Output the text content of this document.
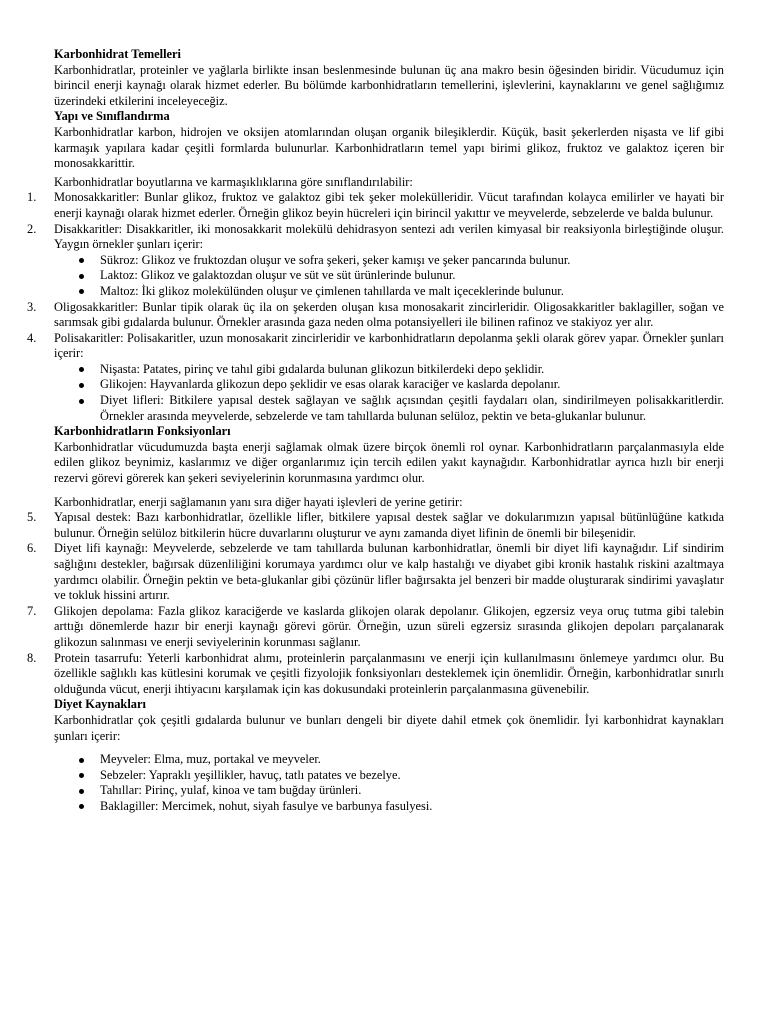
Karbonhidrat Temelleri

Karbonhidratlar, proteinler ve yağlarla birlikte insan beslenmesinde bulunan üç ana makro besin öğesinden biridir. Vücudumuz için birincil enerji kaynağı olarak hizmet ederler. Bu bölümde karbonhidratların temellerini, işlevlerini, kaynaklarını ve genel sağlığımız üzerindeki etkilerini inceleyeceğiz.

Yapı ve Sınıflandırma

Karbonhidratlar karbon, hidrojen ve oksijen atomlarından oluşan organik bileşiklerdir. Küçük, basit şekerlerden nişasta ve lif gibi karmaşık yapılara kadar çeşitli formlarda bulunurlar. Karbonhidratların temel yapı birimi glikoz, fruktoz ve galaktoz içeren bir monosakkarittir.

Karbonhidratlar boyutlarına ve karmaşıklıklarına göre sınıflandırılabilir:

1.	Monosakkaritler: Bunlar glikoz, fruktoz ve galaktoz gibi tek şeker molekülleridir. Vücut tarafından kolayca emilirler ve hayati bir enerji kaynağı olarak hizmet ederler. Örneğin glikoz beyin hücreleri için birincil yakıttır ve meyvelerde, sebzelerde ve balda bulunur.
2.	Disakkaritler: Disakkaritler, iki monosakkarit molekülü dehidrasyon sentezi adı verilen kimyasal bir reaksiyonla birleştiğinde oluşur. Yaygın örnekler şunları içerir:
Sükroz: Glikoz ve fruktozdan oluşur ve sofra şekeri, şeker kamışı ve şeker pancarında bulunur.
Laktoz: Glikoz ve galaktozdan oluşur ve süt ve süt ürünlerinde bulunur.
Maltoz: İki glikoz molekülünden oluşur ve çimlenen tahıllarda ve malt içeceklerinde bulunur.
3.	Oligosakkaritler: Bunlar tipik olarak üç ila on şekerden oluşan kısa monosakarit zincirleridir. Oligosakkaritler baklagiller, soğan ve sarımsak gibi gıdalarda bulunur. Örnekler arasında gaza neden olma potansiyelleri ile bilinen rafinoz ve stakiyoz yer alır.
4.	Polisakaritler: Polisakaritler, uzun monosakarit zincirleridir ve karbonhidratların depolanma şekli olarak görev yapar. Örnekler şunları içerir:
Nişasta: Patates, pirinç ve tahıl gibi gıdalarda bulunan glikozun bitkilerdeki depo şeklidir.
Glikojen: Hayvanlarda glikozun depo şeklidir ve esas olarak karaciğer ve kaslarda depolanır.
Diyet lifleri: Bitkilere yapısal destek sağlayan ve sağlık açısından çeşitli faydaları olan, sindirilmeyen polisakkaritlerdir. Örnekler arasında meyvelerde, sebzelerde ve tam tahıllarda bulunan selüloz, pektin ve beta-glukanlar bulunur.
Karbonhidratların Fonksiyonları

Karbonhidratlar vücudumuzda başta enerji sağlamak olmak üzere birçok önemli rol oynar. Karbonhidratların parçalanmasıyla elde edilen glikoz beynimiz, kaslarımız ve diğer organlarımız için tercih edilen yakıt kaynağıdır. Karbonhidratlar ayrıca hızlı bir enerji rezervi görevi görerek kan şekeri seviyelerinin korunmasına yardımcı olur.

Karbonhidratlar, enerji sağlamanın yanı sıra diğer hayati işlevleri de yerine getirir:

5.	Yapısal destek: Bazı karbonhidratlar, özellikle lifler, bitkilere yapısal destek sağlar ve dokularımızın yapısal bütünlüğüne katkıda bulunur. Örneğin selüloz bitkilerin hücre duvarlarını oluşturur ve aynı zamanda diyet lifinin de önemli bir bileşenidir.
6.	Diyet lifi kaynağı: Meyvelerde, sebzelerde ve tam tahıllarda bulunan karbonhidratlar, önemli bir diyet lifi kaynağıdır. Lif sindirim sağlığını destekler, bağırsak düzenliliğini korumaya yardımcı olur ve kalp hastalığı ve diyabet gibi kronik hastalık riskini azaltmaya yardımcı olabilir. Örneğin pektin ve beta-glukanlar gibi çözünür lifler bağırsakta jel benzeri bir madde oluşturarak sindirimi yavaşlatır ve tokluk hissini artırır.
7.	Glikojen depolama: Fazla glikoz karaciğerde ve kaslarda glikojen olarak depolanır. Glikojen, egzersiz veya oruç tutma gibi talebin arttığı dönemlerde hazır bir enerji kaynağı görevi görür. Örneğin, uzun süreli egzersiz sırasında glikojen depoları parçalanarak glikozun salınması ve enerji seviyelerinin korunması sağlanır.
8.	Protein tasarrufu: Yeterli karbonhidrat alımı, proteinlerin parçalanmasını ve enerji için kullanılmasını önlemeye yardımcı olur. Bu özellikle sağlıklı kas kütlesini korumak ve çeşitli fizyolojik fonksiyonları desteklemek için önemlidir. Örneğin, karbonhidratlar sınırlı olduğunda vücut, enerji ihtiyacını karşılamak için kas dokusundaki proteinlerin parçalanmasına güvenebilir.
Diyet Kaynakları

Karbonhidratlar çok çeşitli gıdalarda bulunur ve bunları dengeli bir diyete dahil etmek çok önemlidir. İyi karbonhidrat kaynakları şunları içerir:

Meyveler: Elma, muz, portakal ve meyveler.
Sebzeler: Yapraklı yeşillikler, havuç, tatlı patates ve bezelye.
Tahıllar: Pirinç, yulaf, kinoa ve tam buğday ürünleri.
Baklagiller: Mercimek, nohut, siyah fasulye ve barbunya fasulyesi.
